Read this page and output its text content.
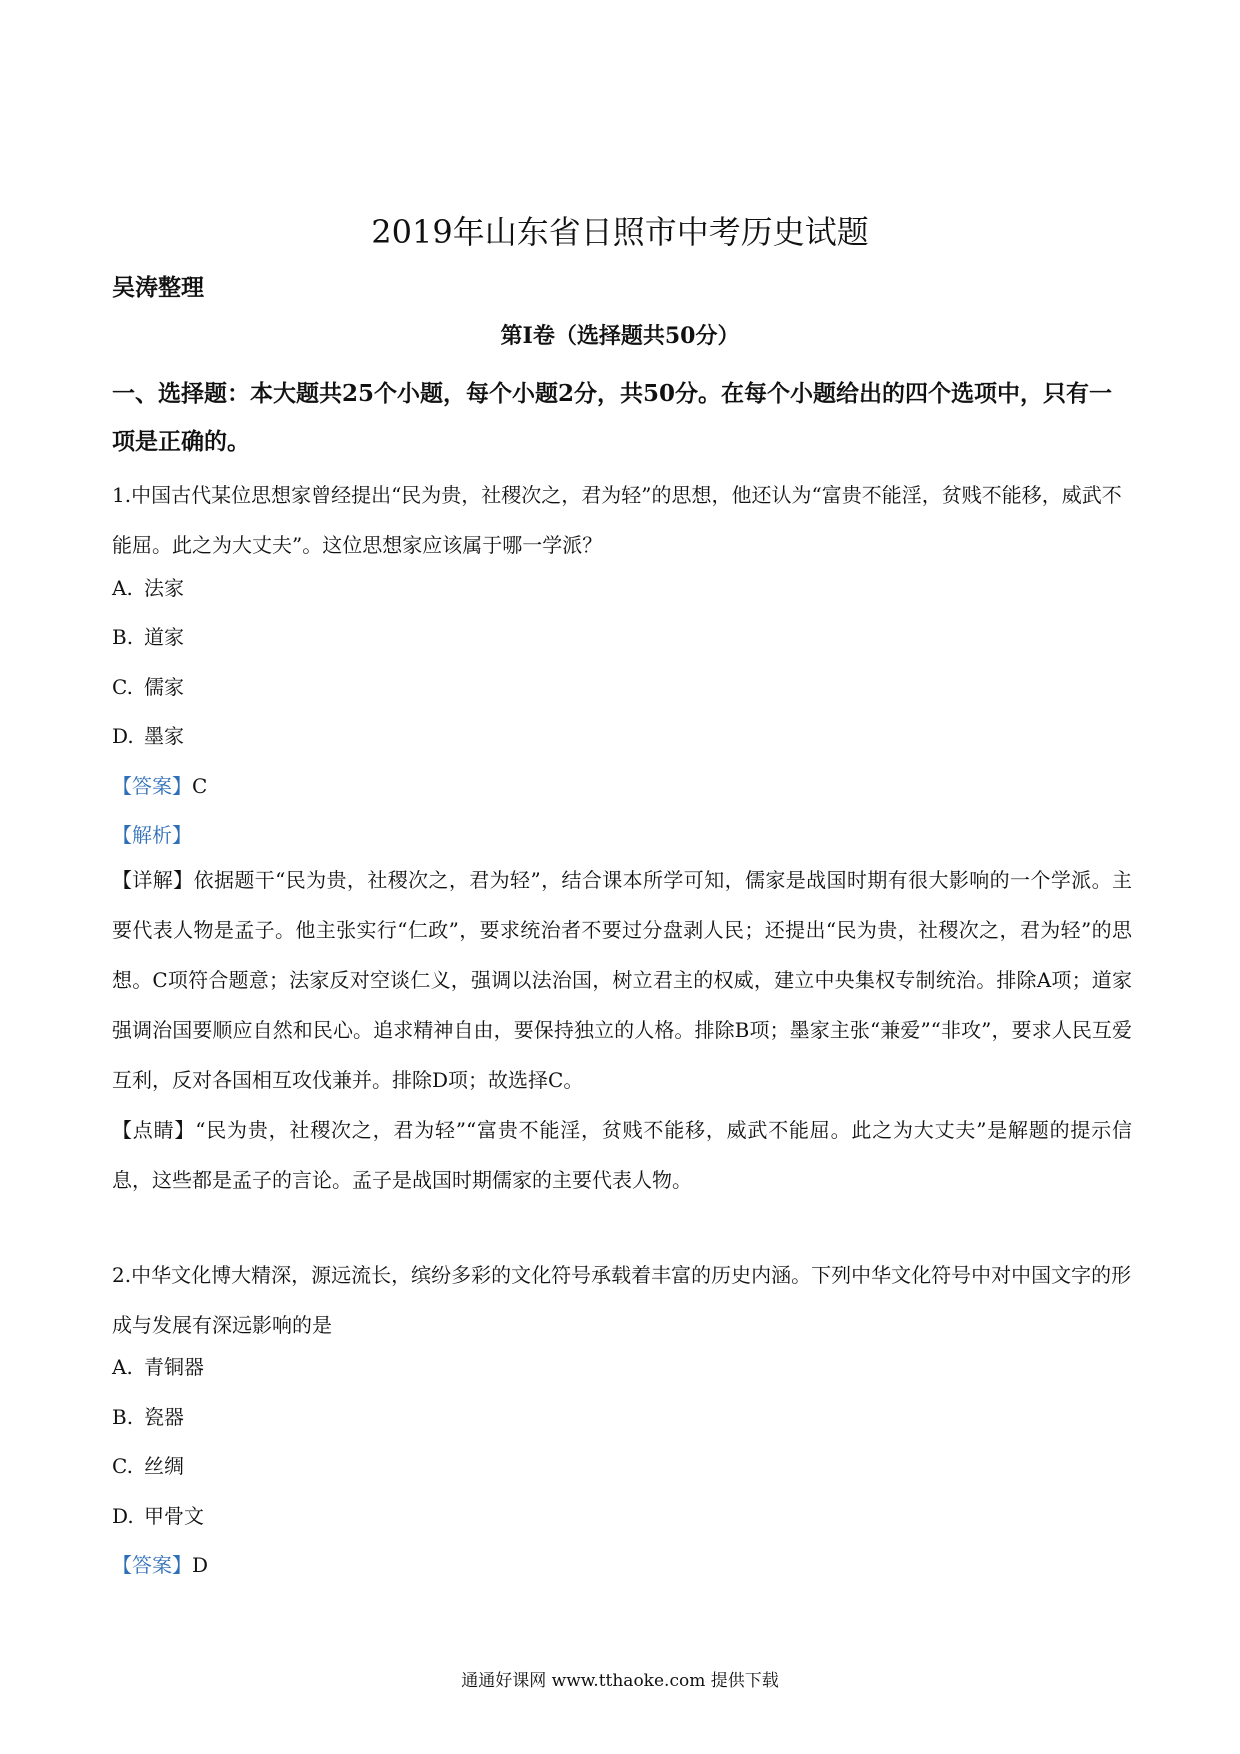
2019年山东省日照市中考历史试题
吴涛整理
第Ⅰ卷（选择题共50分）
一、选择题：本大题共25个小题，每个小题2分，共50分。在每个小题给出的四个选项中，只有一项是正确的。
1.中国古代某位思想家曾经提出“民为贵，社稷次之，君为轻”的思想，他还认为“富贵不能淫，贫贱不能移，威武不能屈。此之为大丈夫”。这位思想家应该属于哪一学派？
A. 法家
B. 道家
C. 儒家
D. 墨家
【答案】C
【解析】
【详解】依据题干“民为贵，社稷次之，君为轻”，结合课本所学可知，儒家是战国时期有很大影响的一个学派。主要代表人物是孟子。他主张实行“仁政”，要求统治者不要过分盘剥人民；还提出“民为贵，社稷次之，君为轻”的思想。C项符合题意；法家反对空谈仁义，强调以法治国，树立君主的权威，建立中央集权专制统治。排除A项；道家强调治国要顺应自然和民心。追求精神自由，要保持独立的人格。排除B项；墨家主张“兼爱”“非攻”，要求人民互爱互利，反对各国相互攻伐兼并。排除D项；故选择C。
【点睛】“民为贵，社稷次之，君为轻”“富贵不能淫，贫贱不能移，威武不能屈。此之为大丈夫”是解题的提示信息，这些都是孟子的言论。孟子是战国时期儒家的主要代表人物。
2.中华文化博大精深，源远流长，缤纷多彩的文化符号承载着丰富的历史内涵。下列中华文化符号中对中国文字的形成与发展有深远影响的是
A. 青铜器
B. 瓷器
C. 丝绸
D. 甲骨文
【答案】D
通通好课网 www.tthaoke.com 提供下载
